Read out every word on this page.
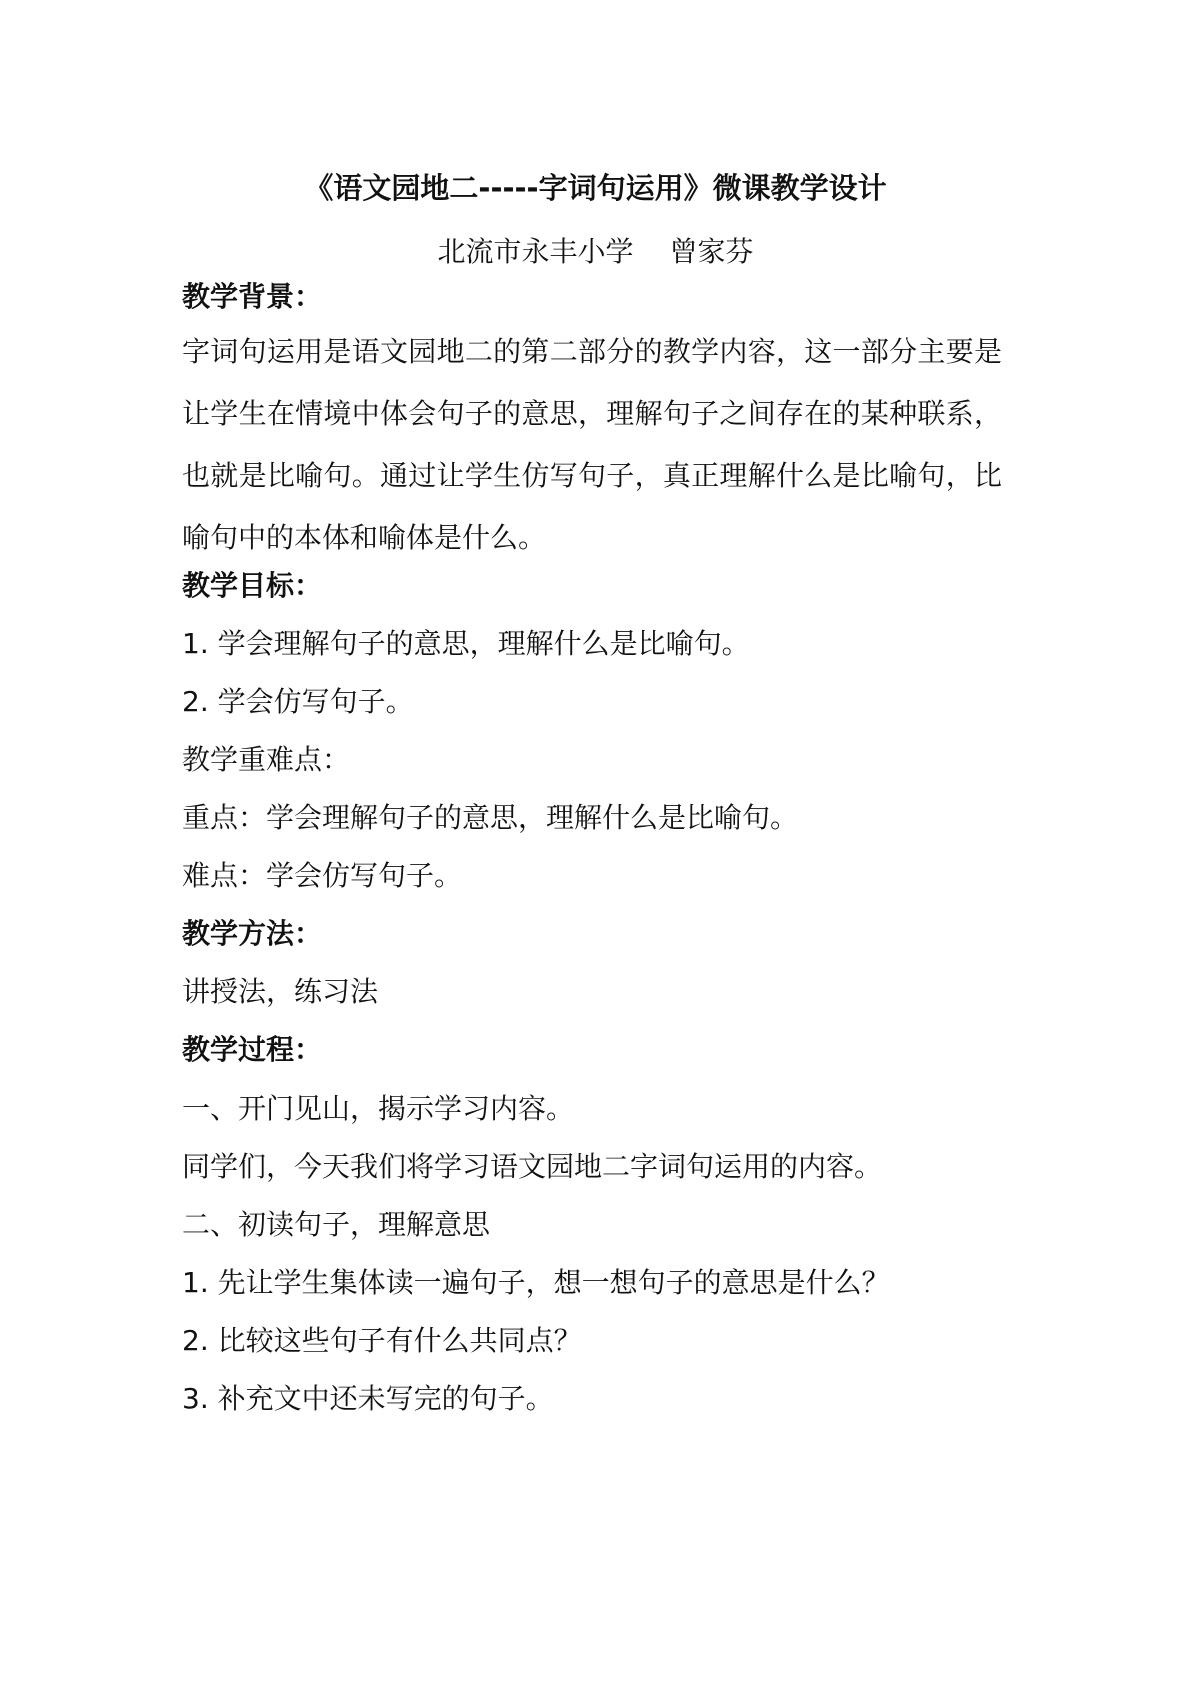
《语文园地二-----字词句运用》微课教学设计
北流市永丰小学 曾家芬
教学背景：
字词句运用是语文园地二的第二部分的教学内容，这一部分主要是让学生在情境中体会句子的意思，理解句子之间存在的某种联系，也就是比喻句。通过让学生仿写句子，真正理解什么是比喻句，比喻句中的本体和喻体是什么。
教学目标：
1. 学会理解句子的意思，理解什么是比喻句。
2. 学会仿写句子。
教学重难点：
重点：学会理解句子的意思，理解什么是比喻句。
难点：学会仿写句子。
教学方法：
讲授法，练习法
教学过程：
一、开门见山，揭示学习内容。
同学们，今天我们将学习语文园地二字词句运用的内容。
二、初读句子，理解意思
1. 先让学生集体读一遍句子，想一想句子的意思是什么？
2. 比较这些句子有什么共同点？
3. 补充文中还未写完的句子。
